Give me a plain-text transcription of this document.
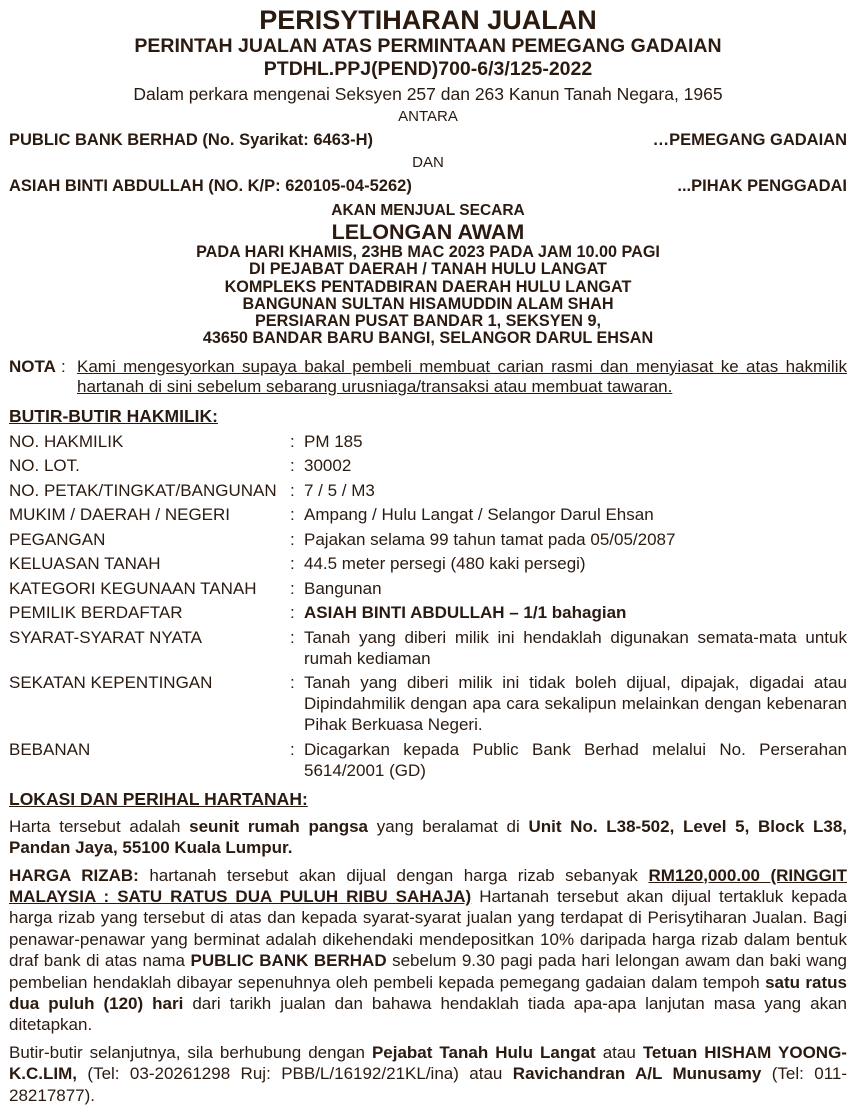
PERISYTIHARAN JUALAN
PERINTAH JUALAN ATAS PERMINTAAN PEMEGANG GADAIAN
PTDHL.PPJ(PEND)700-6/3/125-2022
Dalam perkara mengenai Seksyen 257 dan 263 Kanun Tanah Negara, 1965
ANTARA
PUBLIC BANK BERHAD (No. Syarikat: 6463-H)	…PEMEGANG GADAIAN
DAN
ASIAH BINTI ABDULLAH (NO. K/P: 620105-04-5262)	...PIHAK PENGGADAI
AKAN MENJUAL SECARA
LELONGAN AWAM
PADA HARI KHAMIS, 23HB MAC 2023 PADA JAM 10.00 PAGI
DI PEJABAT DAERAH / TANAH HULU LANGAT
KOMPLEKS PENTADBIRAN DAERAH HULU LANGAT
BANGUNAN SULTAN HISAMUDDIN ALAM SHAH
PERSIARAN PUSAT BANDAR 1, SEKSYEN 9,
43650 BANDAR BARU BANGI, SELANGOR DARUL EHSAN
NOTA : Kami mengesyorkan supaya bakal pembeli membuat carian rasmi dan menyiasat ke atas hakmilik hartanah di sini sebelum sebarang urusniaga/transaksi atau membuat tawaran.
BUTIR-BUTIR HAKMILIK:
NO. HAKMILIK	: PM 185
NO. LOT.	: 30002
NO. PETAK/TINGKAT/BANGUNAN : 7 / 5 / M3
MUKIM / DAERAH / NEGERI	: Ampang / Hulu Langat / Selangor Darul Ehsan
PEGANGAN	: Pajakan selama 99 tahun tamat pada 05/05/2087
KELUASAN TANAH	: 44.5 meter persegi (480 kaki persegi)
KATEGORI KEGUNAAN TANAH	: Bangunan
PEMILIK BERDAFTAR	: ASIAH BINTI ABDULLAH – 1/1 bahagian
SYARAT-SYARAT NYATA	: Tanah yang diberi milik ini hendaklah digunakan semata-mata untuk rumah kediaman
SEKATAN KEPENTINGAN	: Tanah yang diberi milik ini tidak boleh dijual, dipajak, digadai atau Dipindahmilik dengan apa cara sekalipun melainkan dengan kebenaran Pihak Berkuasa Negeri.
BEBANAN	: Dicagarkan kepada Public Bank Berhad melalui No. Perserahan 5614/2001 (GD)
LOKASI DAN PERIHAL HARTANAH:
Harta tersebut adalah seunit rumah pangsa yang beralamat di Unit No. L38-502, Level 5, Block L38, Pandan Jaya, 55100 Kuala Lumpur.
HARGA RIZAB: hartanah tersebut akan dijual dengan harga rizab sebanyak RM120,000.00 (RINGGIT MALAYSIA : SATU RATUS DUA PULUH RIBU SAHAJA) Hartanah tersebut akan dijual tertakluk kepada harga rizab yang tersebut di atas dan kepada syarat-syarat jualan yang terdapat di Perisytiharan Jualan. Bagi penawar-penawar yang berminat adalah dikehendaki mendepositkan 10% daripada harga rizab dalam bentuk draf bank di atas nama PUBLIC BANK BERHAD sebelum 9.30 pagi pada hari lelongan awam dan baki wang pembelian hendaklah dibayar sepenuhnya oleh pembeli kepada pemegang gadaian dalam tempoh satu ratus dua puluh (120) hari dari tarikh jualan dan bahawa hendaklah tiada apa-apa lanjutan masa yang akan ditetapkan.
Butir-butir selanjutnya, sila berhubung dengan Pejabat Tanah Hulu Langat atau Tetuan HISHAM YOONG-K.C.LIM, (Tel: 03-20261298 Ruj: PBB/L/16192/21KL/ina) atau Ravichandran A/L Munusamy (Tel: 011-28217877).
